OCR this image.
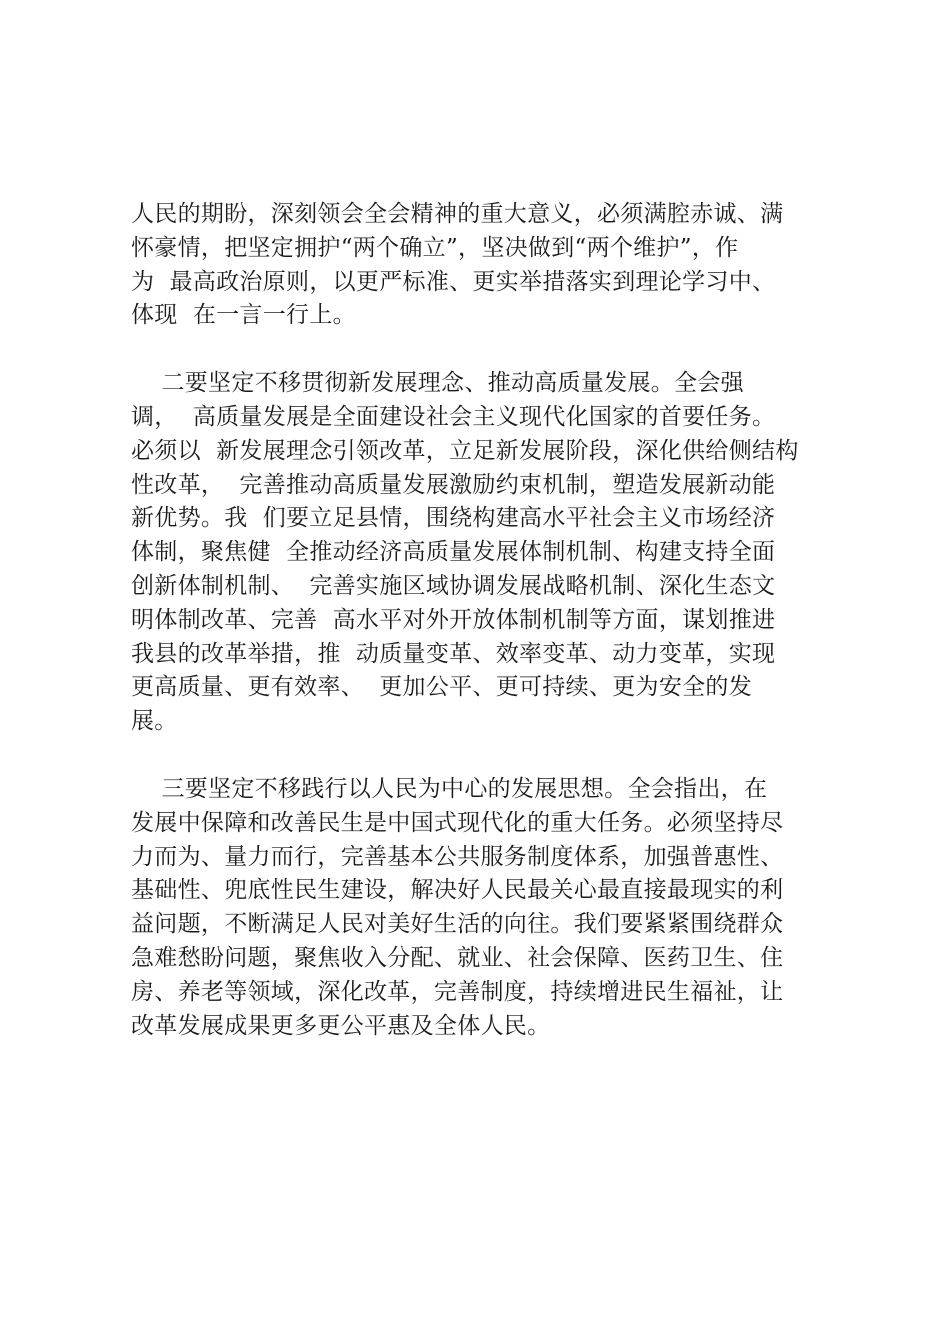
人民的期盼，深刻领会全会精神的重大意义，必须满腔赤诚、满
怀豪情，把坚定拥护“两个确立”，坚决做到“两个维护”，作
为  最高政治原则，以更严标准、更实举措落实到理论学习中、
体现  在一言一行上。

二要坚定不移贯彻新发展理念、推动高质量发展。全会强
调，  高质量发展是全面建设社会主义现代化国家的首要任务。
必须以  新发展理念引领改革，立足新发展阶段，深化供给侧结构
性改革，  完善推动高质量发展激励约束机制，塑造发展新动能
新优势。我  们要立足县情，围绕构建高水平社会主义市场经济
体制，聚焦健  全推动经济高质量发展体制机制、构建支持全面
创新体制机制、  完善实施区域协调发展战略机制、深化生态文
明体制改革、完善  高水平对外开放体制机制等方面，谋划推进
我县的改革举措，推  动质量变革、效率变革、动力变革，实现
更高质量、更有效率、  更加公平、更可持续、更为安全的发
展。

三要坚定不移践行以人民为中心的发展思想。全会指出，在
发展中保障和改善民生是中国式现代化的重大任务。必须坚持尽
力而为、量力而行，完善基本公共服务制度体系，加强普惠性、
基础性、兜底性民生建设，解决好人民最关心最直接最现实的利
益问题，不断满足人民对美好生活的向往。我们要紧紧围绕群众
急难愁盼问题，聚焦收入分配、就业、社会保障、医药卫生、住
房、养老等领域，深化改革，完善制度，持续增进民生福祉，让
改革发展成果更多更公平惠及全体人民。
